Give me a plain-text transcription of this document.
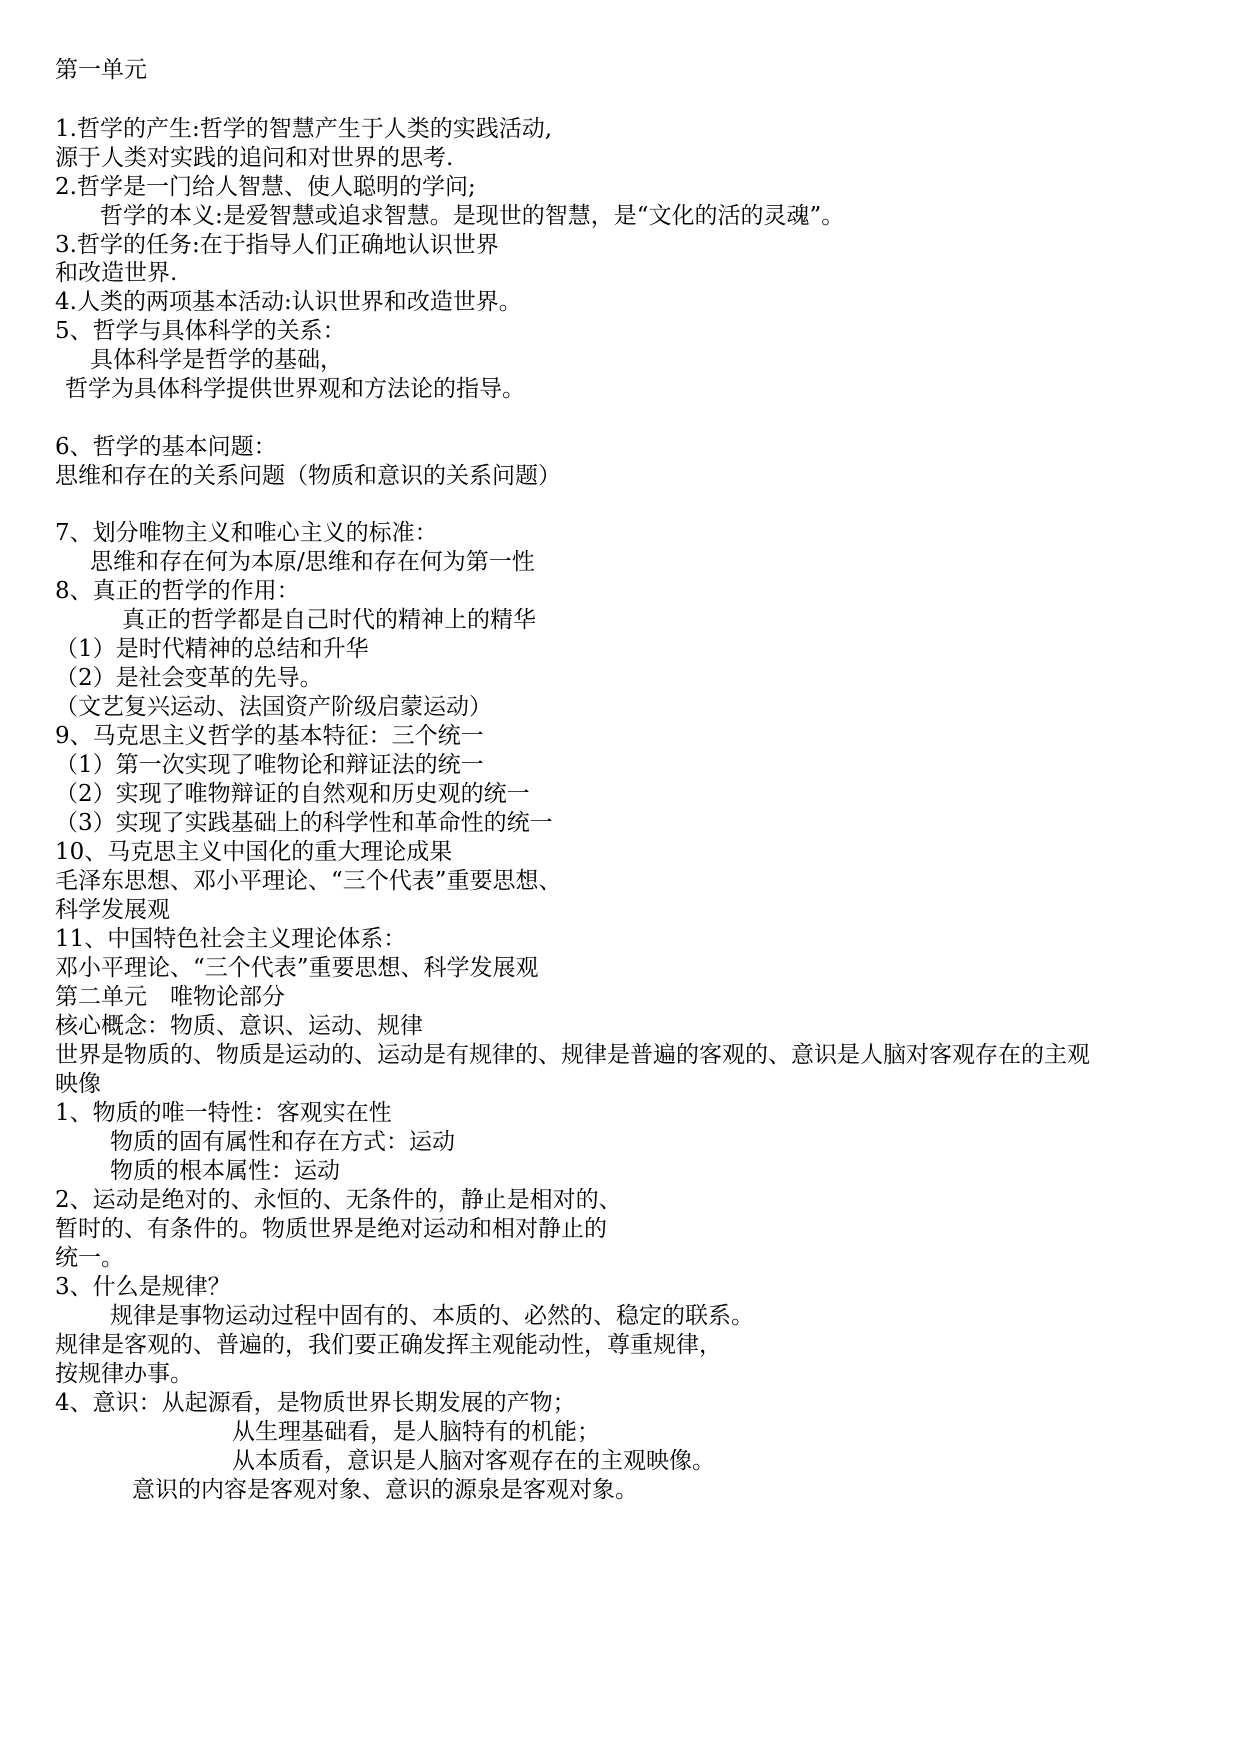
第一单元
1.哲学的产生:哲学的智慧产生于人类的实践活动,
源于人类对实践的追问和对世界的思考.
2.哲学是一门给人智慧、使人聪明的学问;
哲学的本义:是爱智慧或追求智慧。是现世的智慧，是“文化的活的灵魂”。
3.哲学的任务:在于指导人们正确地认识世界
和改造世界.
4.人类的两项基本活动:认识世界和改造世界。
5、哲学与具体科学的关系：
具体科学是哲学的基础，
哲学为具体科学提供世界观和方法论的指导。
6、哲学的基本问题：
思维和存在的关系问题（物质和意识的关系问题）
7、划分唯物主义和唯心主义的标准：
思维和存在何为本原/思维和存在何为第一性
8、真正的哲学的作用：
真正的哲学都是自己时代的精神上的精华
（1）是时代精神的总结和升华
（2）是社会变革的先导。
（文艺复兴运动、法国资产阶级启蒙运动）
9、马克思主义哲学的基本特征：三个统一
（1）第一次实现了唯物论和辩证法的统一
（2）实现了唯物辩证的自然观和历史观的统一
（3）实现了实践基础上的科学性和革命性的统一
10、马克思主义中国化的重大理论成果
毛泽东思想、邓小平理论、“三个代表”重要思想、
科学发展观
11、中国特色社会主义理论体系：
邓小平理论、“三个代表”重要思想、科学发展观
第二单元　唯物论部分
核心概念：物质、意识、运动、规律
世界是物质的、物质是运动的、运动是有规律的、规律是普遍的客观的、意识是人脑对客观存在的主观
映像
1、物质的唯一特性：客观实在性
物质的固有属性和存在方式：运动
物质的根本属性：运动
2、运动是绝对的、永恒的、无条件的，静止是相对的、
暂时的、有条件的。物质世界是绝对运动和相对静止的
统一。
3、什么是规律？
规律是事物运动过程中固有的、本质的、必然的、稳定的联系。
规律是客观的、普遍的，我们要正确发挥主观能动性，尊重规律，
按规律办事。
4、意识：从起源看，是物质世界长期发展的产物；
从生理基础看，是人脑特有的机能；
从本质看，意识是人脑对客观存在的主观映像。
意识的内容是客观对象、意识的源泉是客观对象。
